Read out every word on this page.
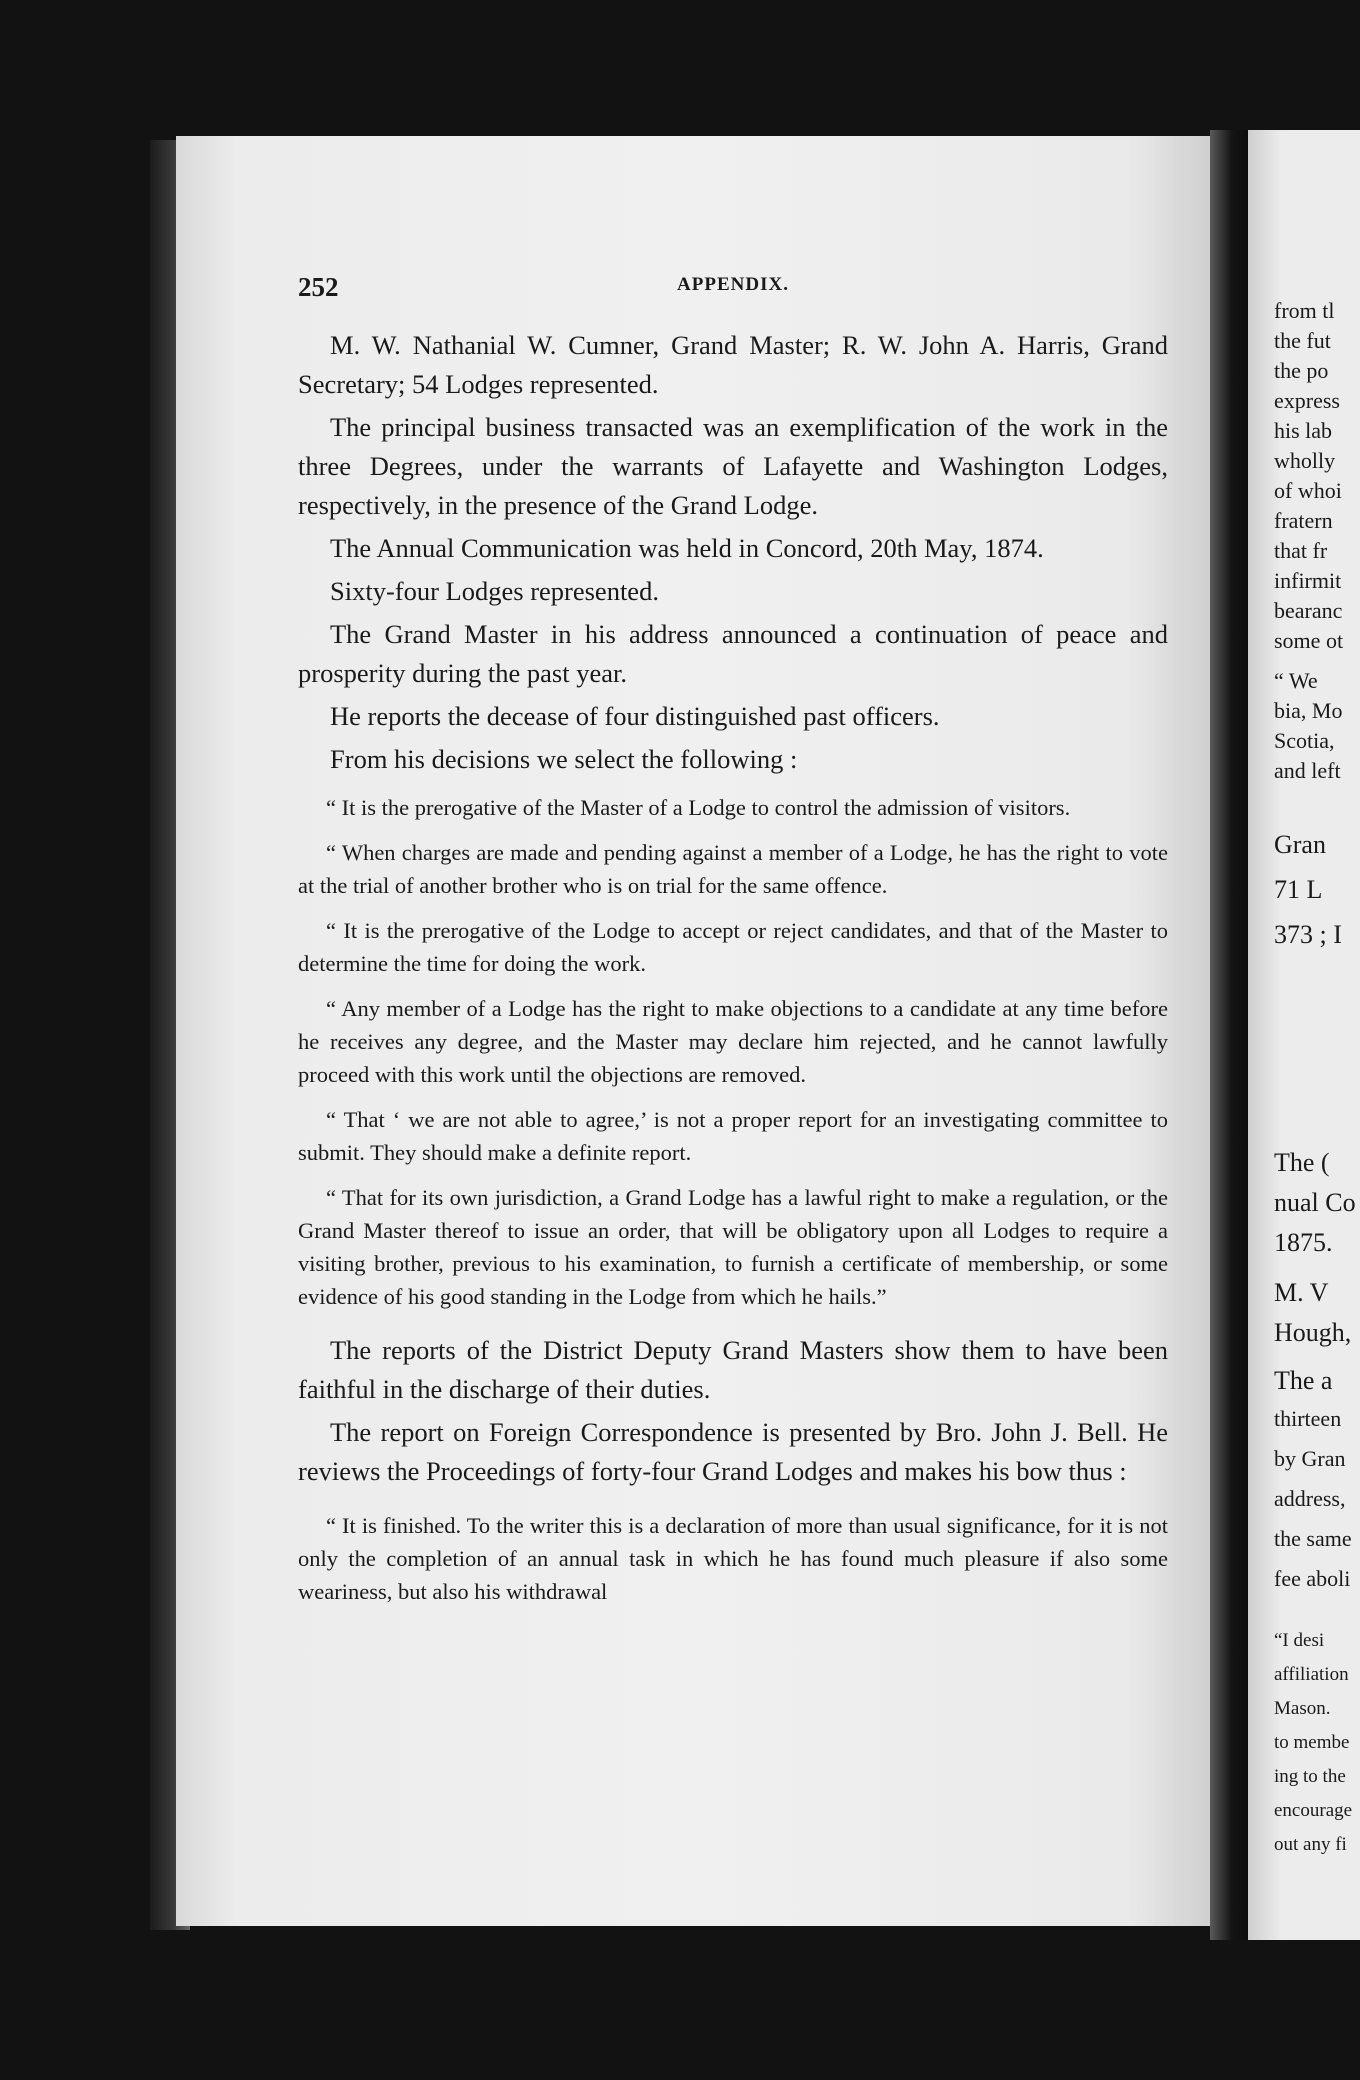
252	APPENDIX.

M. W. Nathanial W. Cumner, Grand Master; R. W. John A. Harris, Grand Secretary; 54 Lodges represented.

The principal business transacted was an exemplification of the work in the three Degrees, under the warrants of Lafayette and Washington Lodges, respectively, in the presence of the Grand Lodge.

The Annual Communication was held in Concord, 20th May, 1874.

Sixty-four Lodges represented.

The Grand Master in his address announced a continuation of peace and prosperity during the past year.

He reports the decease of four distinguished past officers.

From his decisions we select the following :

“ It is the prerogative of the Master of a Lodge to control the admission of visitors.

“ When charges are made and pending against a member of a Lodge, he has the right to vote at the trial of another brother who is on trial for the same offence.

“ It is the prerogative of the Lodge to accept or reject candidates, and that of the Master to determine the time for doing the work.

“ Any member of a Lodge has the right to make objections to a candidate at any time before he receives any degree, and the Master may declare him rejected, and he cannot lawfully proceed with this work until the objections are removed.

“ That ‘ we are not able to agree,’ is not a proper report for an investigating committee to submit. They should make a definite report.

“ That for its own jurisdiction, a Grand Lodge has a lawful right to make a regulation, or the Grand Master thereof to issue an order, that will be obligatory upon all Lodges to require a visiting brother, previous to his examination, to furnish a certificate of membership, or some evidence of his good standing in the Lodge from which he hails.”

The reports of the District Deputy Grand Masters show them to have been faithful in the discharge of their duties.

The report on Foreign Correspondence is presented by Bro. John J. Bell. He reviews the Proceedings of forty-four Grand Lodges and makes his bow thus :

“ It is finished. To the writer this is a declaration of more than usual significance, for it is not only the completion of an annual task in which he has found much pleasure if also some weariness, but also his withdrawal

from tl
the fut
the po
express
his lab
wholly
of whoi
fratern
that fr
infirmit
bearanc
some ot
“ We
bia, Mo
Scotia,
and left
Gran
71 L
373 ; I
The (
nual Co
1875.
M. V
Hough,
The a
thirteen
by Gran
address,
the same
fee aboli
“I desi
affiliation
Mason.
to membe
ing to the
encourage
out any fi
